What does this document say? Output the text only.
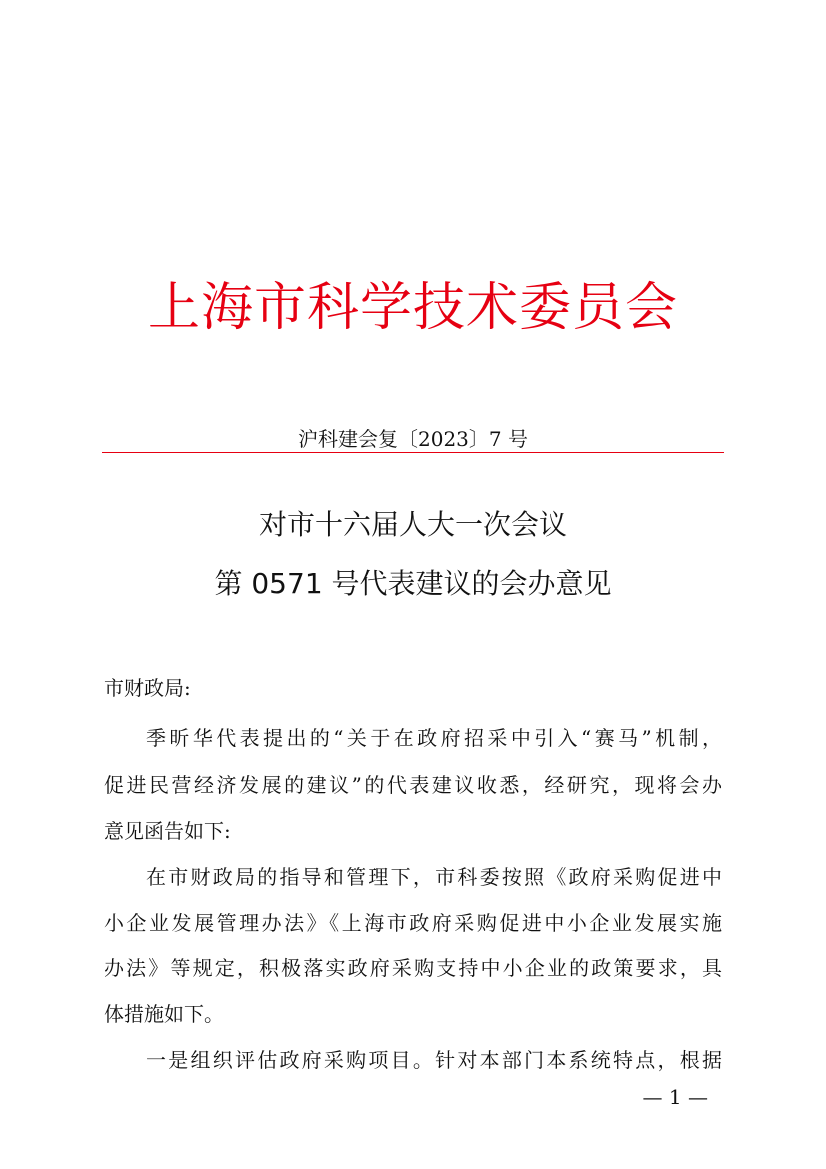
上海市科学技术委员会
沪科建会复〔2023〕7 号
对市十六届人大一次会议
第 0571 号代表建议的会办意见
市财政局:
季昕华代表提出的“关于在政府招采中引入“赛马”机制，
促进民营经济发展的建议”的代表建议收悉，经研究，现将会办
意见函告如下:
在市财政局的指导和管理下，市科委按照《政府采购促进中
小企业发展管理办法》《上海市政府采购促进中小企业发展实施
办法》等规定，积极落实政府采购支持中小企业的政策要求，具
体措施如下。
一是组织评估政府采购项目。针对本部门本系统特点，根据
— 1 —
